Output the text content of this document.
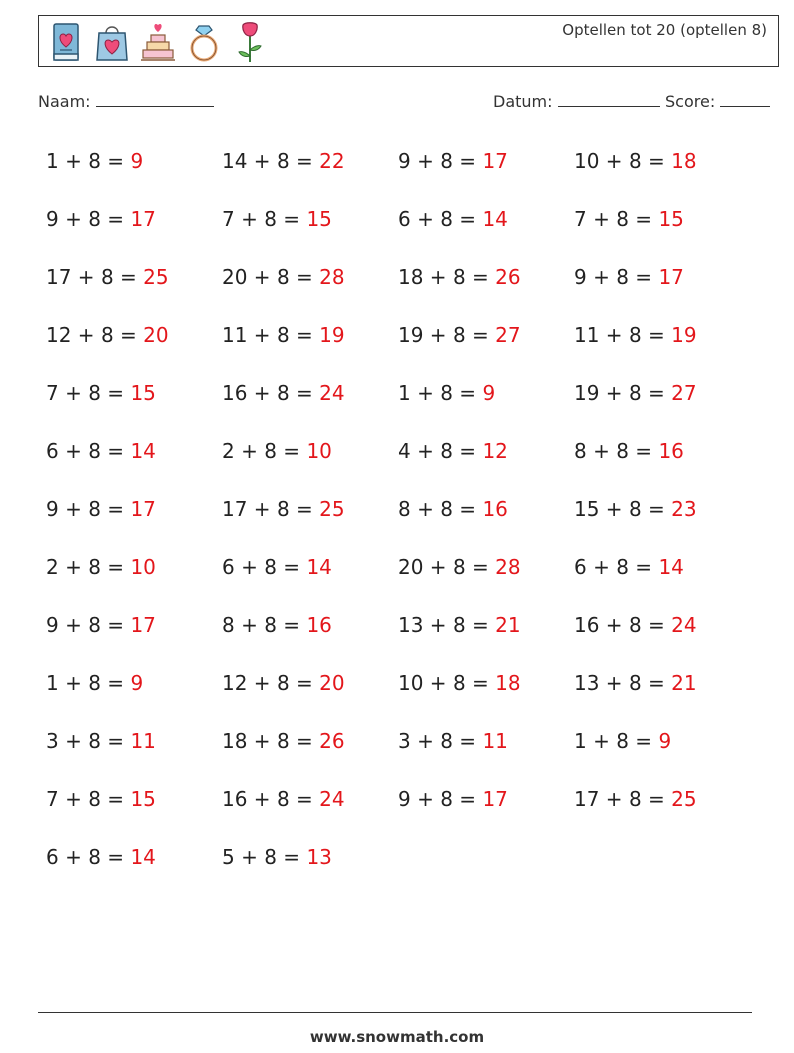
Optellen tot 20 (optellen 8)
Naam:	Datum:	Score:
1 + 8 = 9	14 + 8 = 22	9 + 8 = 17	10 + 8 = 18
9 + 8 = 17	7 + 8 = 15	6 + 8 = 14	7 + 8 = 15
17 + 8 = 25	20 + 8 = 28	18 + 8 = 26	9 + 8 = 17
12 + 8 = 20	11 + 8 = 19	19 + 8 = 27	11 + 8 = 19
7 + 8 = 15	16 + 8 = 24	1 + 8 = 9	19 + 8 = 27
6 + 8 = 14	2 + 8 = 10	4 + 8 = 12	8 + 8 = 16
9 + 8 = 17	17 + 8 = 25	8 + 8 = 16	15 + 8 = 23
2 + 8 = 10	6 + 8 = 14	20 + 8 = 28	6 + 8 = 14
9 + 8 = 17	8 + 8 = 16	13 + 8 = 21	16 + 8 = 24
1 + 8 = 9	12 + 8 = 20	10 + 8 = 18	13 + 8 = 21
3 + 8 = 11	18 + 8 = 26	3 + 8 = 11	1 + 8 = 9
7 + 8 = 15	16 + 8 = 24	9 + 8 = 17	17 + 8 = 25
6 + 8 = 14	5 + 8 = 13
www.snowmath.com
